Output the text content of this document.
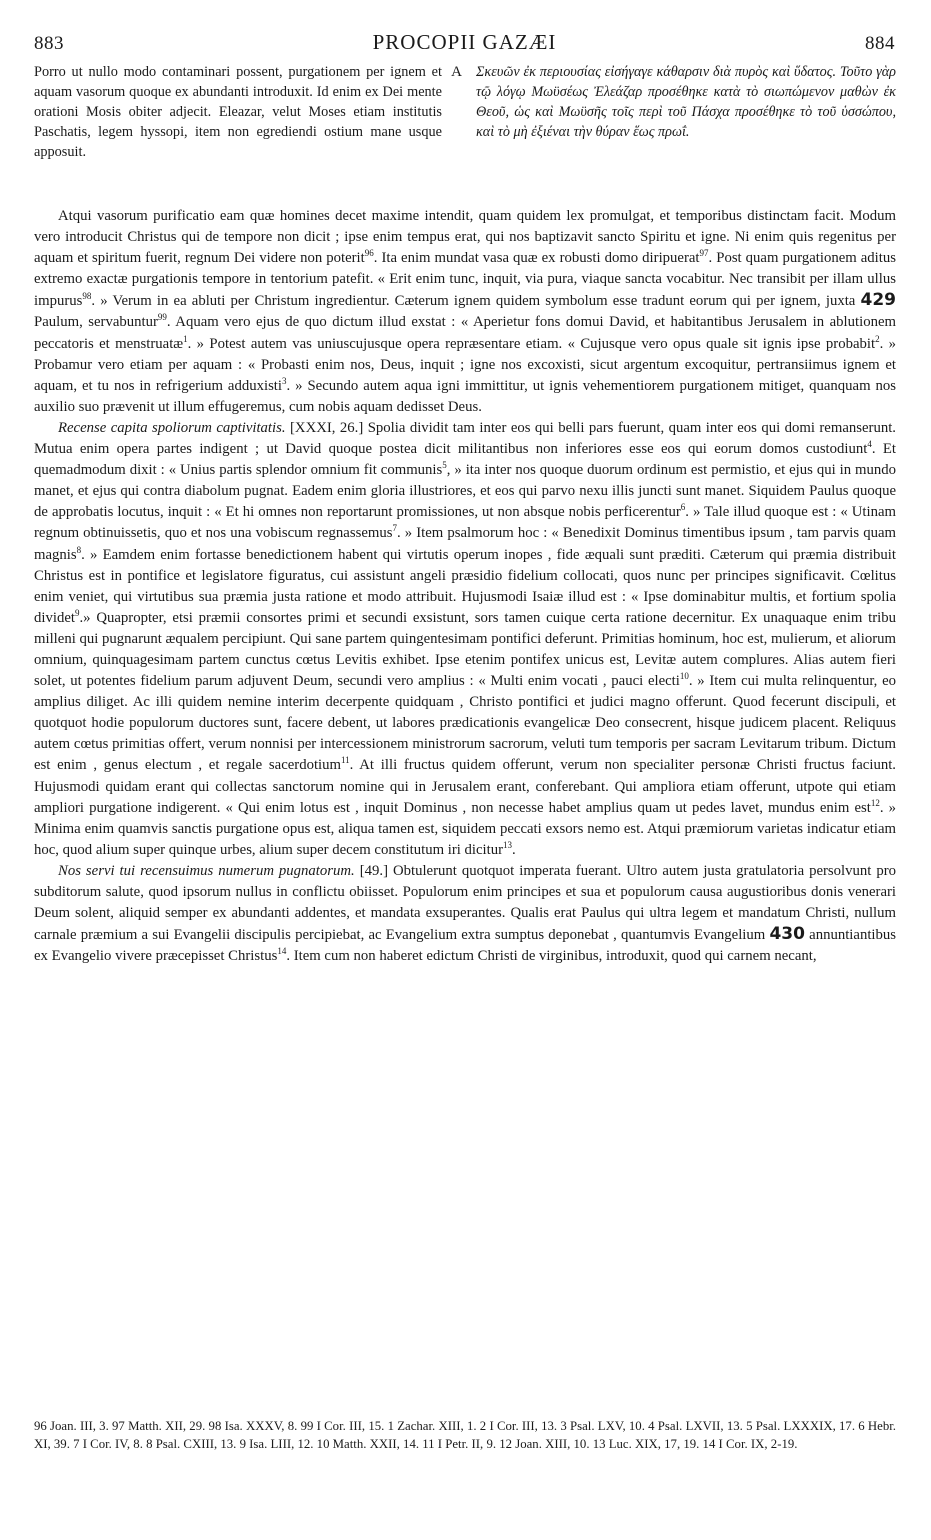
883	PROCOPII GAZÆI	884
Porro ut nullo modo contaminari possent, purgationem per ignem et aquam vasorum quoque ex abundanti introduxit. Id enim ex Dei mente orationi Mosis obiter adjecit. Eleazar, velut Moses etiam institutis Paschatis, legem hyssopi, item non egrediendi ostium mane usque apposuit.
A Σκευῶν ἐκ περιουσίας εἰσήγαγε κάθαρσιν διὰ πυρὸς καὶ ὕδατος. Τοῦτο γὰρ τῷ λόγῳ Μωϋσέως Ἐλεάζαρ προσέθηκε κατὰ τὸ σιωπώμενον μαθὼν ἐκ Θεοῦ, ὡς καὶ Μωϋσῆς τοῖς περὶ τοῦ Πάσχα προσέθηκε τὸ τοῦ ὑσσώπου, καὶ τὸ μὴ ἐξιέναι τὴν θύραν ἕως πρωΐ.

Atqui vasorum purificatio eam quæ homines decet maxime intendit, quam quidem lex promulgat, et temporibus distinctam facit. Modum vero introducit Christus qui de tempore non dicit ; ipse enim tempus erat, qui nos baptizavit sancto Spiritu et igne. Ni enim quis regenitus per aquam et spiritum fuerit, regnum Dei videre non poterit$^{96}$. Ita enim mundat vasa quæ ex robusti domo diripuerat$^{97}$. Post quam purgationem aditus extremo exactæ purgationis tempore in tentorium patefit. « Erit enim tunc, inquit, via pura, viaque sancta vocabitur. Nec transibit per illam ullus impurus$^{98}$. » Verum in ea abluti per Christum ingredientur. Cæterum ignem quidem symbolum esse tradunt eorum qui per ignem, juxta 429 Paulum, servabuntur$^{99}$. Aquam vero ejus de quo dictum illud exstat : « Aperietur fons domui David, et habitantibus Jerusalem in ablutionem peccatoris et menstruatæ$^1$. » Potest autem vas uniuscujusque opera repræsentare etiam. « Cujusque vero opus quale sit ignis ipse probabit$^2$. » Probamur vero etiam per aquam : « Probasti enim nos, Deus, inquit ; igne nos excoxisti, sicut argentum excoquitur, pertransiimus ignem et aquam, et tu nos in refrigerium adduxisti$^3$. » Secundo autem aqua igni immittitur, ut ignis vehementiorem purgationem mitiget, quanquam nos auxilio suo prævenit ut illum effugeremus, cum nobis aquam dedisset Deus.

Recense capita spoliorum captivitatis. [XXXI, 26.] Spolia dividit tam inter eos qui belli pars fuerunt, quam inter eos qui domi remanserunt. Mutua enim opera partes indigent ; ut David quoque postea dicit militantibus non inferiores esse eos qui eorum domos custodiunt$^4$. Et quemadmodum dixit : « Unius partis splendor omnium fit communis$^5$, » ita inter nos quoque duorum ordinum est permistio, et ejus qui in mundo manet, et ejus qui contra diabolum pugnat. Eadem enim gloria illustriores, et eos qui parvo nexu illis juncti sunt manet. Siquidem Paulus quoque de approbatis locutus, inquit : « Et hi omnes non reportarunt promissiones, ut non absque nobis perficerentur$^6$. » Tale illud quoque est : « Utinam regnum obtinuissetis, quo et nos una vobiscum regnassemus$^7$. » Item psalmorum hoc : « Benedixit Dominus timentibus ipsum , tam parvis quam magnis$^8$. » Eamdem enim fortasse benedictionem habent qui virtutis operum inopes , fide æquali sunt præditi. Cæterum qui præmia distribuit Christus est in pontifice et legislatore figuratus, cui assistunt angeli præsidio fidelium collocati, quos nunc per principes significavit. Cœlitus enim veniet, qui virtutibus sua præmia justa ratione et modo attribuit. Hujusmodi Isaiæ illud est : « Ipse dominabitur multis, et fortium spolia dividet$^9$.» Quapropter, etsi præmii consortes primi et secundi exsistunt, sors tamen cuique certa ratione decernitur. Ex unaquaque enim tribu milleni qui pugnarunt æqualem percipiunt. Qui sane partem quingentesimam pontifici deferunt. Primitias hominum, hoc est, mulierum, et aliorum omnium, quinquagesimam partem cunctus cœtus Levitis exhibet. Ipse etenim pontifex unicus est, Levitæ autem complures. Alias autem fieri solet, ut potentes fidelium parum adjuvent Deum, secundi vero amplius : « Multi enim vocati , pauci electi$^{10}$. » Item cui multa relinquentur, eo amplius diliget. Ac illi quidem nemine interim decerpente quidquam , Christo pontifici et judici magno offerunt. Quod fecerunt discipuli, et quotquot hodie populorum ductores sunt, facere debent, ut labores prædicationis evangelicæ Deo consecrent, hisque judicem placent. Reliquus autem cœtus primitias offert, verum nonnisi per intercessionem ministrorum sacrorum, veluti tum temporis per sacram Levitarum tribum. Dictum est enim , genus electum , et regale sacerdotium$^{11}$. At illi fructus quidem offerunt, verum non specialiter personæ Christi fructus faciunt. Hujusmodi quidam erant qui collectas sanctorum nomine qui in Jerusalem erant, conferebant. Qui ampliora etiam offerunt, utpote qui etiam ampliori purgatione indigerent. « Qui enim lotus est , inquit Dominus , non necesse habet amplius quam ut pedes lavet, mundus enim est$^{12}$. » Minima enim quamvis sanctis purgatione opus est, aliqua tamen est, siquidem peccati exsors nemo est. Atqui præmiorum varietas indicatur etiam hoc, quod alium super quinque urbes, alium super decem constitutum iri dicitur$^{13}$.

Nos servi tui recensuimus numerum pugnatorum. [49.] Obtulerunt quotquot imperata fuerant. Ultro autem justa gratulatoria persolvunt pro subditorum salute, quod ipsorum nullus in conflictu obiisset. Populorum enim principes et sua et populorum causa augustioribus donis venerari Deum solent, aliquid semper ex abundanti addentes, et mandata exsuperantes. Qualis erat Paulus qui ultra legem et mandatum Christi, nullum carnale præmium a sui Evangelii discipulis percipiebat, ac Evangelium extra sumptus deponebat , quantumvis Evangelium 430 annuntiantibus ex Evangelio vivere præcepisset Christus$^{14}$. Item cum non haberet edictum Christi de virginibus, introduxit, quod qui carnem necant,

96 Joan. III, 3. 97 Matth. XII, 29. 98 Isa. XXXV, 8. 99 I Cor. III, 15. 1 Zachar. XIII, 1. 2 I Cor. III, 13. 3 Psal. LXV, 10. 4 Psal. LXVII, 13. 5 Psal. LXXXIX, 17. 6 Hebr. XI, 39. 7 I Cor. IV, 8. 8 Psal. CXIII, 13. 9 Isa. LIII, 12. 10 Matth. XXII, 14. 11 I Petr. II, 9. 12 Joan. XIII, 10. 13 Luc. XIX, 17, 19. 14 I Cor. IX, 2-19.
